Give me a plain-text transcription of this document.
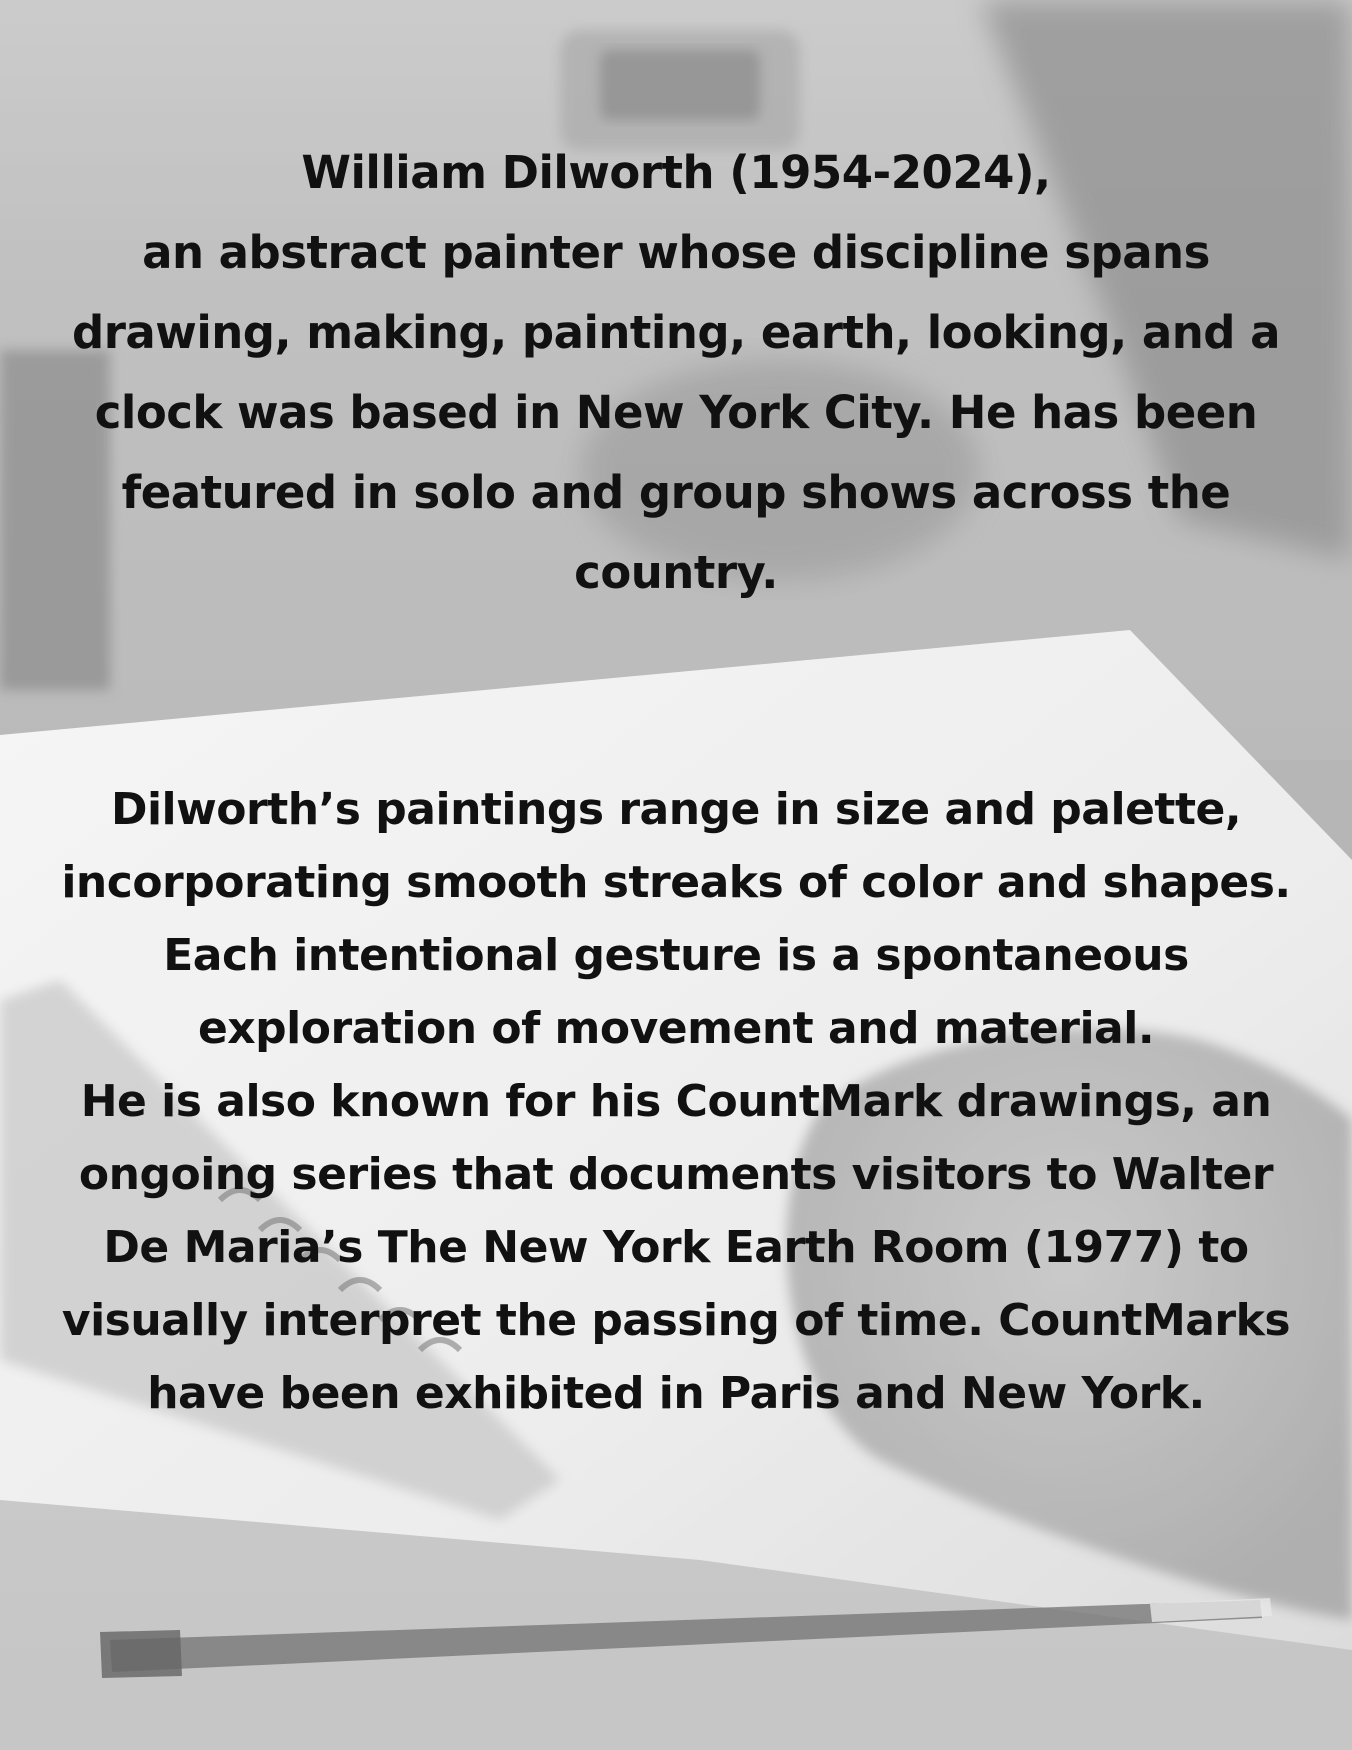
William Dilworth (1954-2024),
an abstract painter whose discipline spans drawing, making, painting, earth, looking, and a clock was based in New York City. He has been featured in solo and group shows across the country.
Dilworth’s paintings range in size and palette, incorporating smooth streaks of color and shapes. Each intentional gesture is a spontaneous exploration of movement and material.
He is also known for his CountMark drawings, an ongoing series that documents visitors to Walter De Maria’s The New York Earth Room (1977) to visually interpret the passing of time. CountMarks have been exhibited in Paris and New York.
